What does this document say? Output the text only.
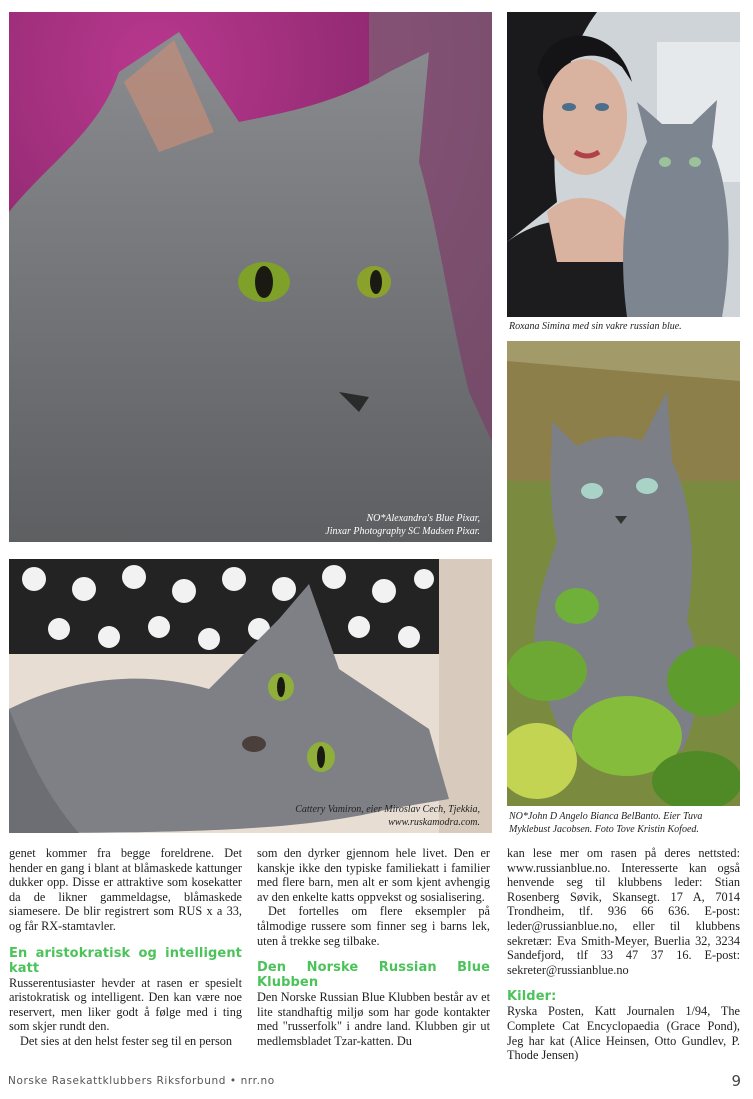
NO*Alexandra's Blue Pixar,
Jinxar Photography SC Madsen Pixar.
Roxana Simina med sin vakre russian blue.
NO*John D Angelo Bianca BelBanto. Eier Tuva
Myklebust Jacobsen. Foto Tove Kristin Kofoed.
Cattery Vamiron, eier Miroslav Cech, Tjekkia,
www.ruskamodra.com.

genet kommer fra begge foreldrene. Det hender en gang i blant at blåmaskede kattunger dukker opp. Disse er attraktive som kosekatter da de likner gammeldagse, blåmaskede siamesere. De blir registrert som RUS x a 33, og får RX-stamtavler.

En aristokratisk og intelligent katt

Russerentusiaster hevder at rasen er spesielt aristokratisk og intelligent. Den kan være noe reservert, men liker godt å følge med i ting som skjer rundt den.

Det sies at den helst fester seg til en person

som den dyrker gjennom hele livet. Den er kanskje ikke den typiske familiekatt i familier med flere barn, men alt er som kjent avhengig av den enkelte katts oppvekst og sosialisering.

Det fortelles om flere eksempler på tålmodige russere som finner seg i barns lek, uten å trekke seg tilbake.

Den Norske Russian Blue Klubben

Den Norske Russian Blue Klubben består av et lite standhaftig miljø som har gode kontakter med "russerfolk" i andre land. Klubben gir ut medlemsbladet Tzar-katten. Du

kan lese mer om rasen på deres nettsted: www.russianblue.no. Interesserte kan også henvende seg til klubbens leder: Stian Rosenberg Søvik, Skansegt. 17 A, 7014 Trondheim, tlf. 936 66 636. E-post: leder@russianblue.no, eller til klubbens sekretær: Eva Smith-Meyer, Buerlia 32, 3234 Sandefjord, tlf 33 47 37 16. E-post: sekreter@russianblue.no

Kilder:

Ryska Posten, Katt Journalen 1/94, The Complete Cat Encyclopaedia (Grace Pond), Jeg har kat (Alice Heinsen, Otto Gundlev, P. Thode Jensen)

Norske Rasekattklubbers Riksforbund • nrr.no	9
